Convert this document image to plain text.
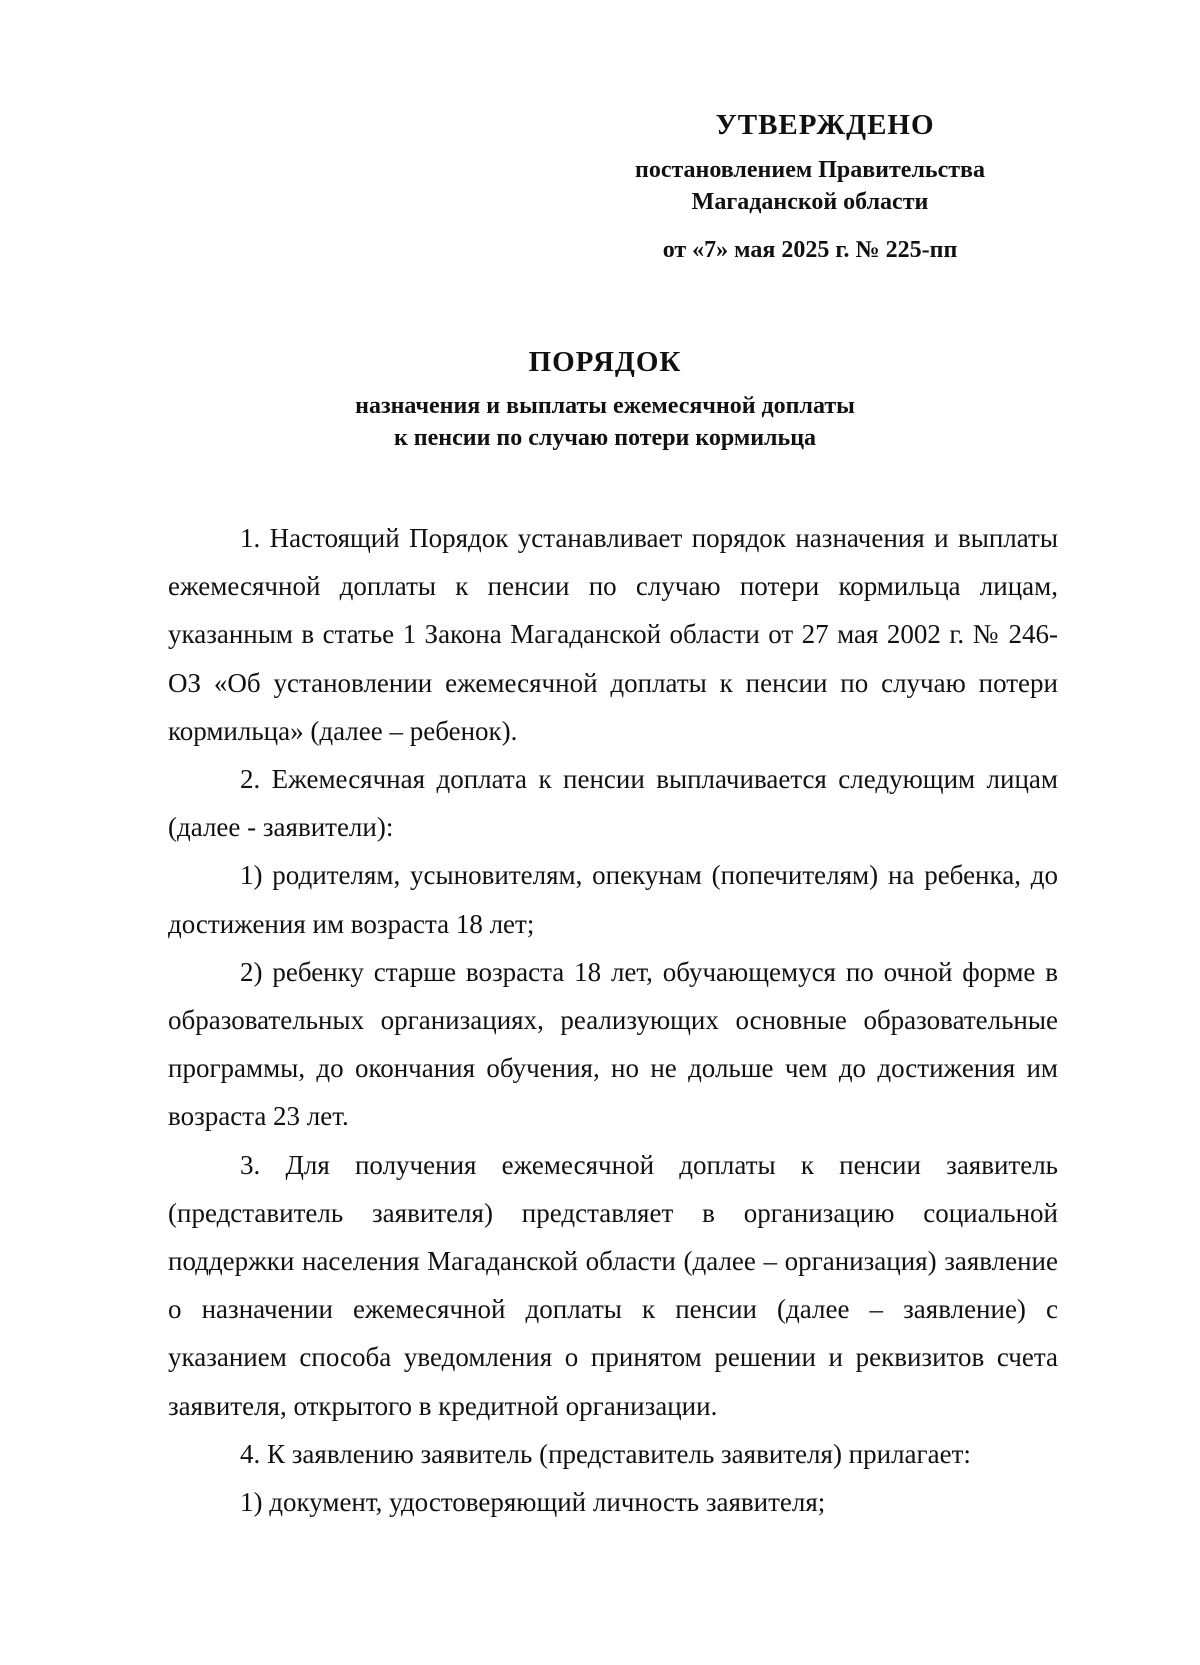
УТВЕРЖДЕНО
постановлением Правительства
Магаданской области
от «7» мая 2025 г. № 225-пп
ПОРЯДОК
назначения и выплаты ежемесячной доплаты
к пенсии по случаю потери кормильца

1. Настоящий Порядок устанавливает порядок назначения и выплаты ежемесячной доплаты к пенсии по случаю потери кормильца лицам, указанным в статье 1 Закона Магаданской области от 27 мая 2002 г. № 246-ОЗ «Об установлении ежемесячной доплаты к пенсии по случаю потери кормильца» (далее – ребенок).

2. Ежемесячная доплата к пенсии выплачивается следующим лицам (далее - заявители):

1) родителям, усыновителям, опекунам (попечителям) на ребенка, до достижения им возраста 18 лет;

2) ребенку старше возраста 18 лет, обучающемуся по очной форме в образовательных организациях, реализующих основные образовательные программы, до окончания обучения, но не дольше чем до достижения им возраста 23 лет.

3. Для получения ежемесячной доплаты к пенсии заявитель (представитель заявителя) представляет в организацию социальной поддержки населения Магаданской области (далее – организация) заявление о назначении ежемесячной доплаты к пенсии (далее – заявление) с указанием способа уведомления о принятом решении и реквизитов счета заявителя, открытого в кредитной организации.

4. К заявлению заявитель (представитель заявителя) прилагает:

1) документ, удостоверяющий личность заявителя;
